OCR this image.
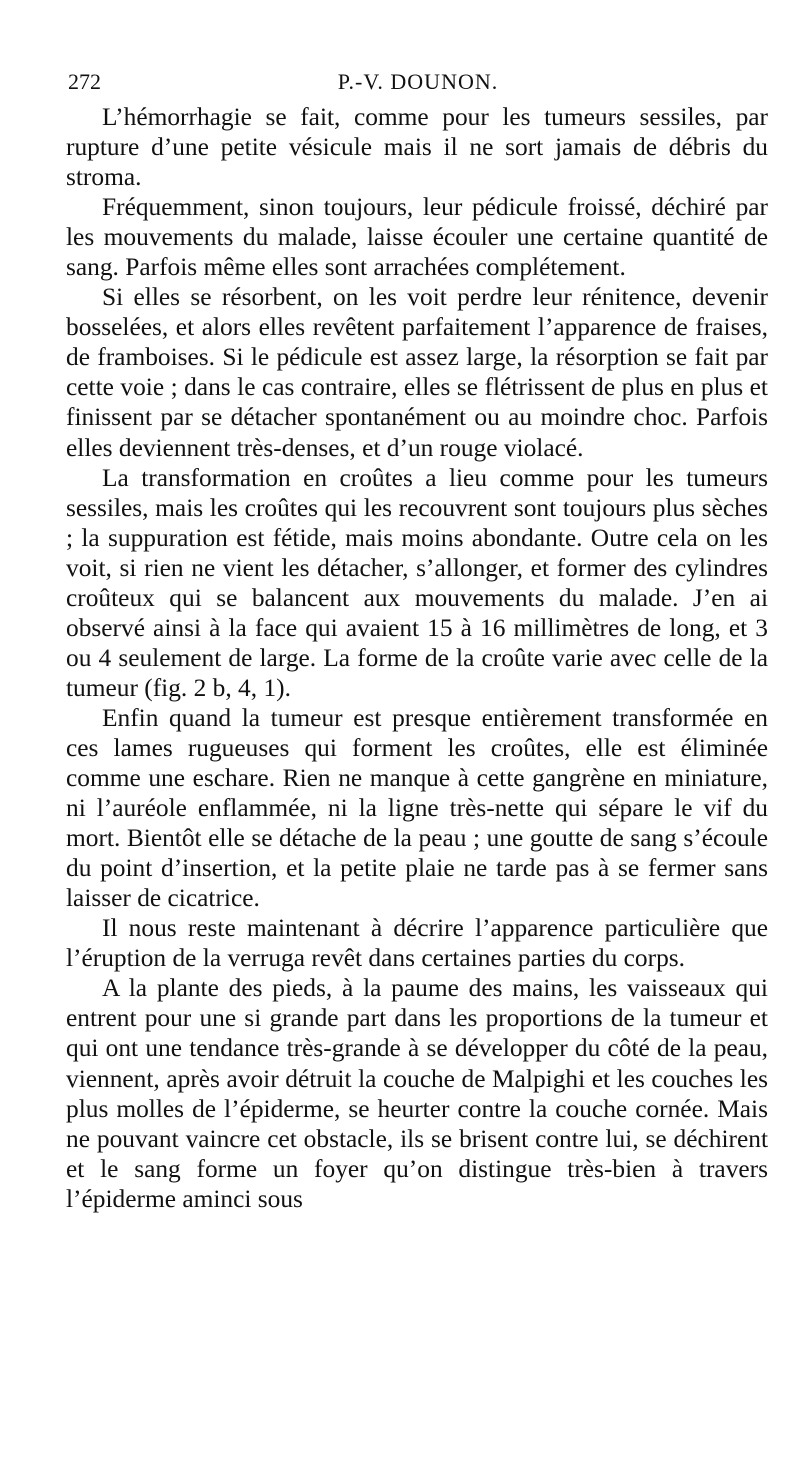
272	P.-V. DOUNON.

L’hémorrhagie se fait, comme pour les tumeurs sessiles, par rupture d’une petite vésicule mais il ne sort jamais de débris du stroma.

Fréquemment, sinon toujours, leur pédicule froissé, déchiré par les mouvements du malade, laisse écouler une certaine quantité de sang. Parfois même elles sont arrachées complétement.

Si elles se résorbent, on les voit perdre leur rénitence, devenir bosselées, et alors elles revêtent parfaitement l’apparence de fraises, de framboises. Si le pédicule est assez large, la résorption se fait par cette voie ; dans le cas contraire, elles se flétrissent de plus en plus et finissent par se détacher spontanément ou au moindre choc. Parfois elles deviennent très-denses, et d’un rouge violacé.

La transformation en croûtes a lieu comme pour les tumeurs sessiles, mais les croûtes qui les recouvrent sont toujours plus sèches ; la suppuration est fétide, mais moins abondante. Outre cela on les voit, si rien ne vient les détacher, s’allonger, et former des cylindres croûteux qui se balancent aux mouvements du malade. J’en ai observé ainsi à la face qui avaient 15 à 16 millimètres de long, et 3 ou 4 seulement de large. La forme de la croûte varie avec celle de la tumeur (fig. 2 b, 4, 1).

Enfin quand la tumeur est presque entièrement transformée en ces lames rugueuses qui forment les croûtes, elle est éliminée comme une eschare. Rien ne manque à cette gangrène en miniature, ni l’auréole enflammée, ni la ligne très-nette qui sépare le vif du mort. Bientôt elle se détache de la peau ; une goutte de sang s’écoule du point d’insertion, et la petite plaie ne tarde pas à se fermer sans laisser de cicatrice.

Il nous reste maintenant à décrire l’apparence particulière que l’éruption de la verruga revêt dans certaines parties du corps.

A la plante des pieds, à la paume des mains, les vaisseaux qui entrent pour une si grande part dans les proportions de la tumeur et qui ont une tendance très-grande à se développer du côté de la peau, viennent, après avoir détruit la couche de Malpighi et les couches les plus molles de l’épiderme, se heurter contre la couche cornée. Mais ne pouvant vaincre cet obstacle, ils se brisent contre lui, se déchirent et le sang forme un foyer qu’on distingue très-bien à travers l’épiderme aminci sous
